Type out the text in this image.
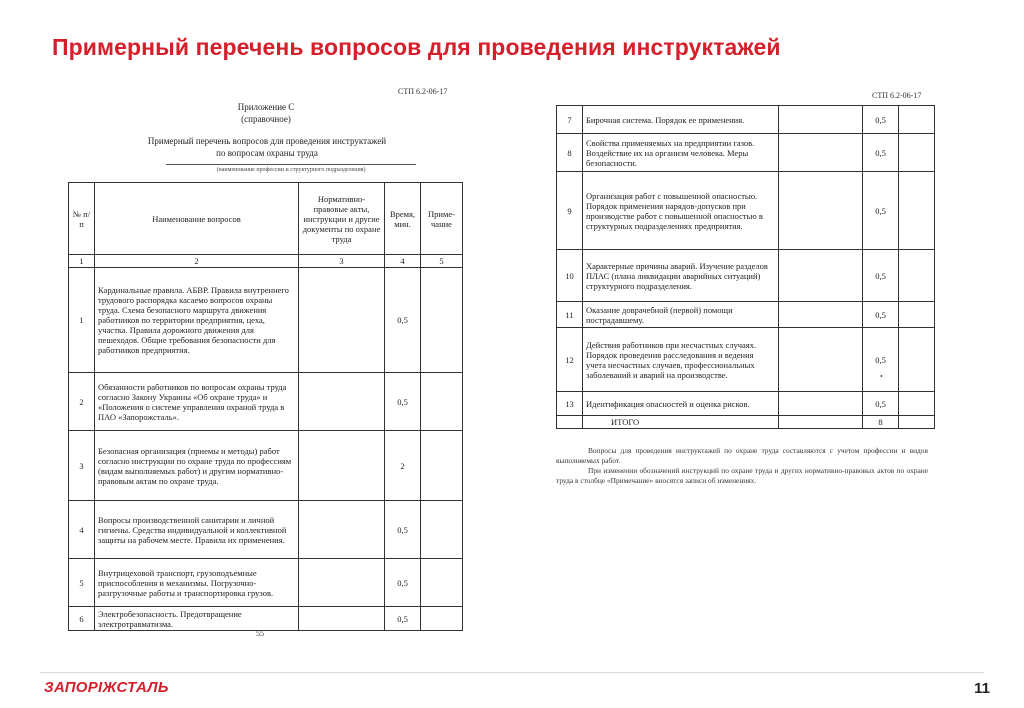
Примерный перечень вопросов для проведения инструктажей
СТП 6.2-06-17
Приложение С
(справочное)
Примерный перечень вопросов для проведения инструктажей
по вопросам охраны труда
(наименование профессии и структурного подразделения)
№ п/п	Наименование вопросов	Нормативно-правовые акты, инструкции и другие документы по охране труда	Время, мин.	Приме-чание
1	2	3	4	5
1	Кардинальные правила. АБВР. Правила внутреннего трудового распорядка касаемо вопросов охраны труда. Схема безопасного маршрута движения работников по территории предприятия, цеха, участка. Правила дорожного движения для пешеходов. Общие требования безопасности для работников предприятия.		0,5	
2	Обязанности работников по вопросам охраны труда согласно Закону Украины «Об охране труда» и «Положения о системе управления охраной труда в ПАО «Запорожсталь».		0,5	
3	Безопасная организация (приемы и методы) работ согласно инструкции по охране труда по профессиям (видам выполняемых работ) и другим нормативно-правовым актам по охране труда.		2	
4	Вопросы производственной санитарии и личной гигиены. Средства индивидуальной и коллективной защиты на рабочем месте. Правила их применения.		0,5	
5	Внутрицеховой транспорт, грузоподъемные приспособления и механизмы. Погрузочно-разгрузочные работы и транспортировка грузов.		0,5	
6	Электробезопасность. Предотвращение электротравматизма.		0,5	
55
СТП 6.2-06-17
7	Бирочная система. Порядок ее применения.		0,5	
8	Свойства применяемых на предприятии газов. Воздействие их на организм человека. Меры безопасности.		0,5	
9	Организация работ с повышенной опасностью. Порядок применения нарядов-допусков при производстве работ с повышенной опасностью в структурных подразделениях предприятия.		0,5	
10	Характерные причины аварий. Изучение разделов ПЛАС (плана ликвидации аварийных ситуаций) структурного подразделения.		0,5	
11	Оказание доврачебной (первой) помощи пострадавшему.		0,5	
12	Действия работников при несчастных случаях. Порядок проведения расследования и ведения учета несчастных случаев, профессиональных заболеваний и аварий на производстве.		0,5	
13	Идентификация опасностей и оценка рисков.		0,5	
	ИТОГО		8	
•
Вопросы для проведения инструктажей по охране труда составляются с учетом профессии и видов выполняемых работ.
При изменении обозначений инструкций по охране труда и других нормативно-правовых актов по охране труда в столбце «Примечание» вносятся записи об изменениях.
ЗАПОРІЖСТАЛЬ	11
